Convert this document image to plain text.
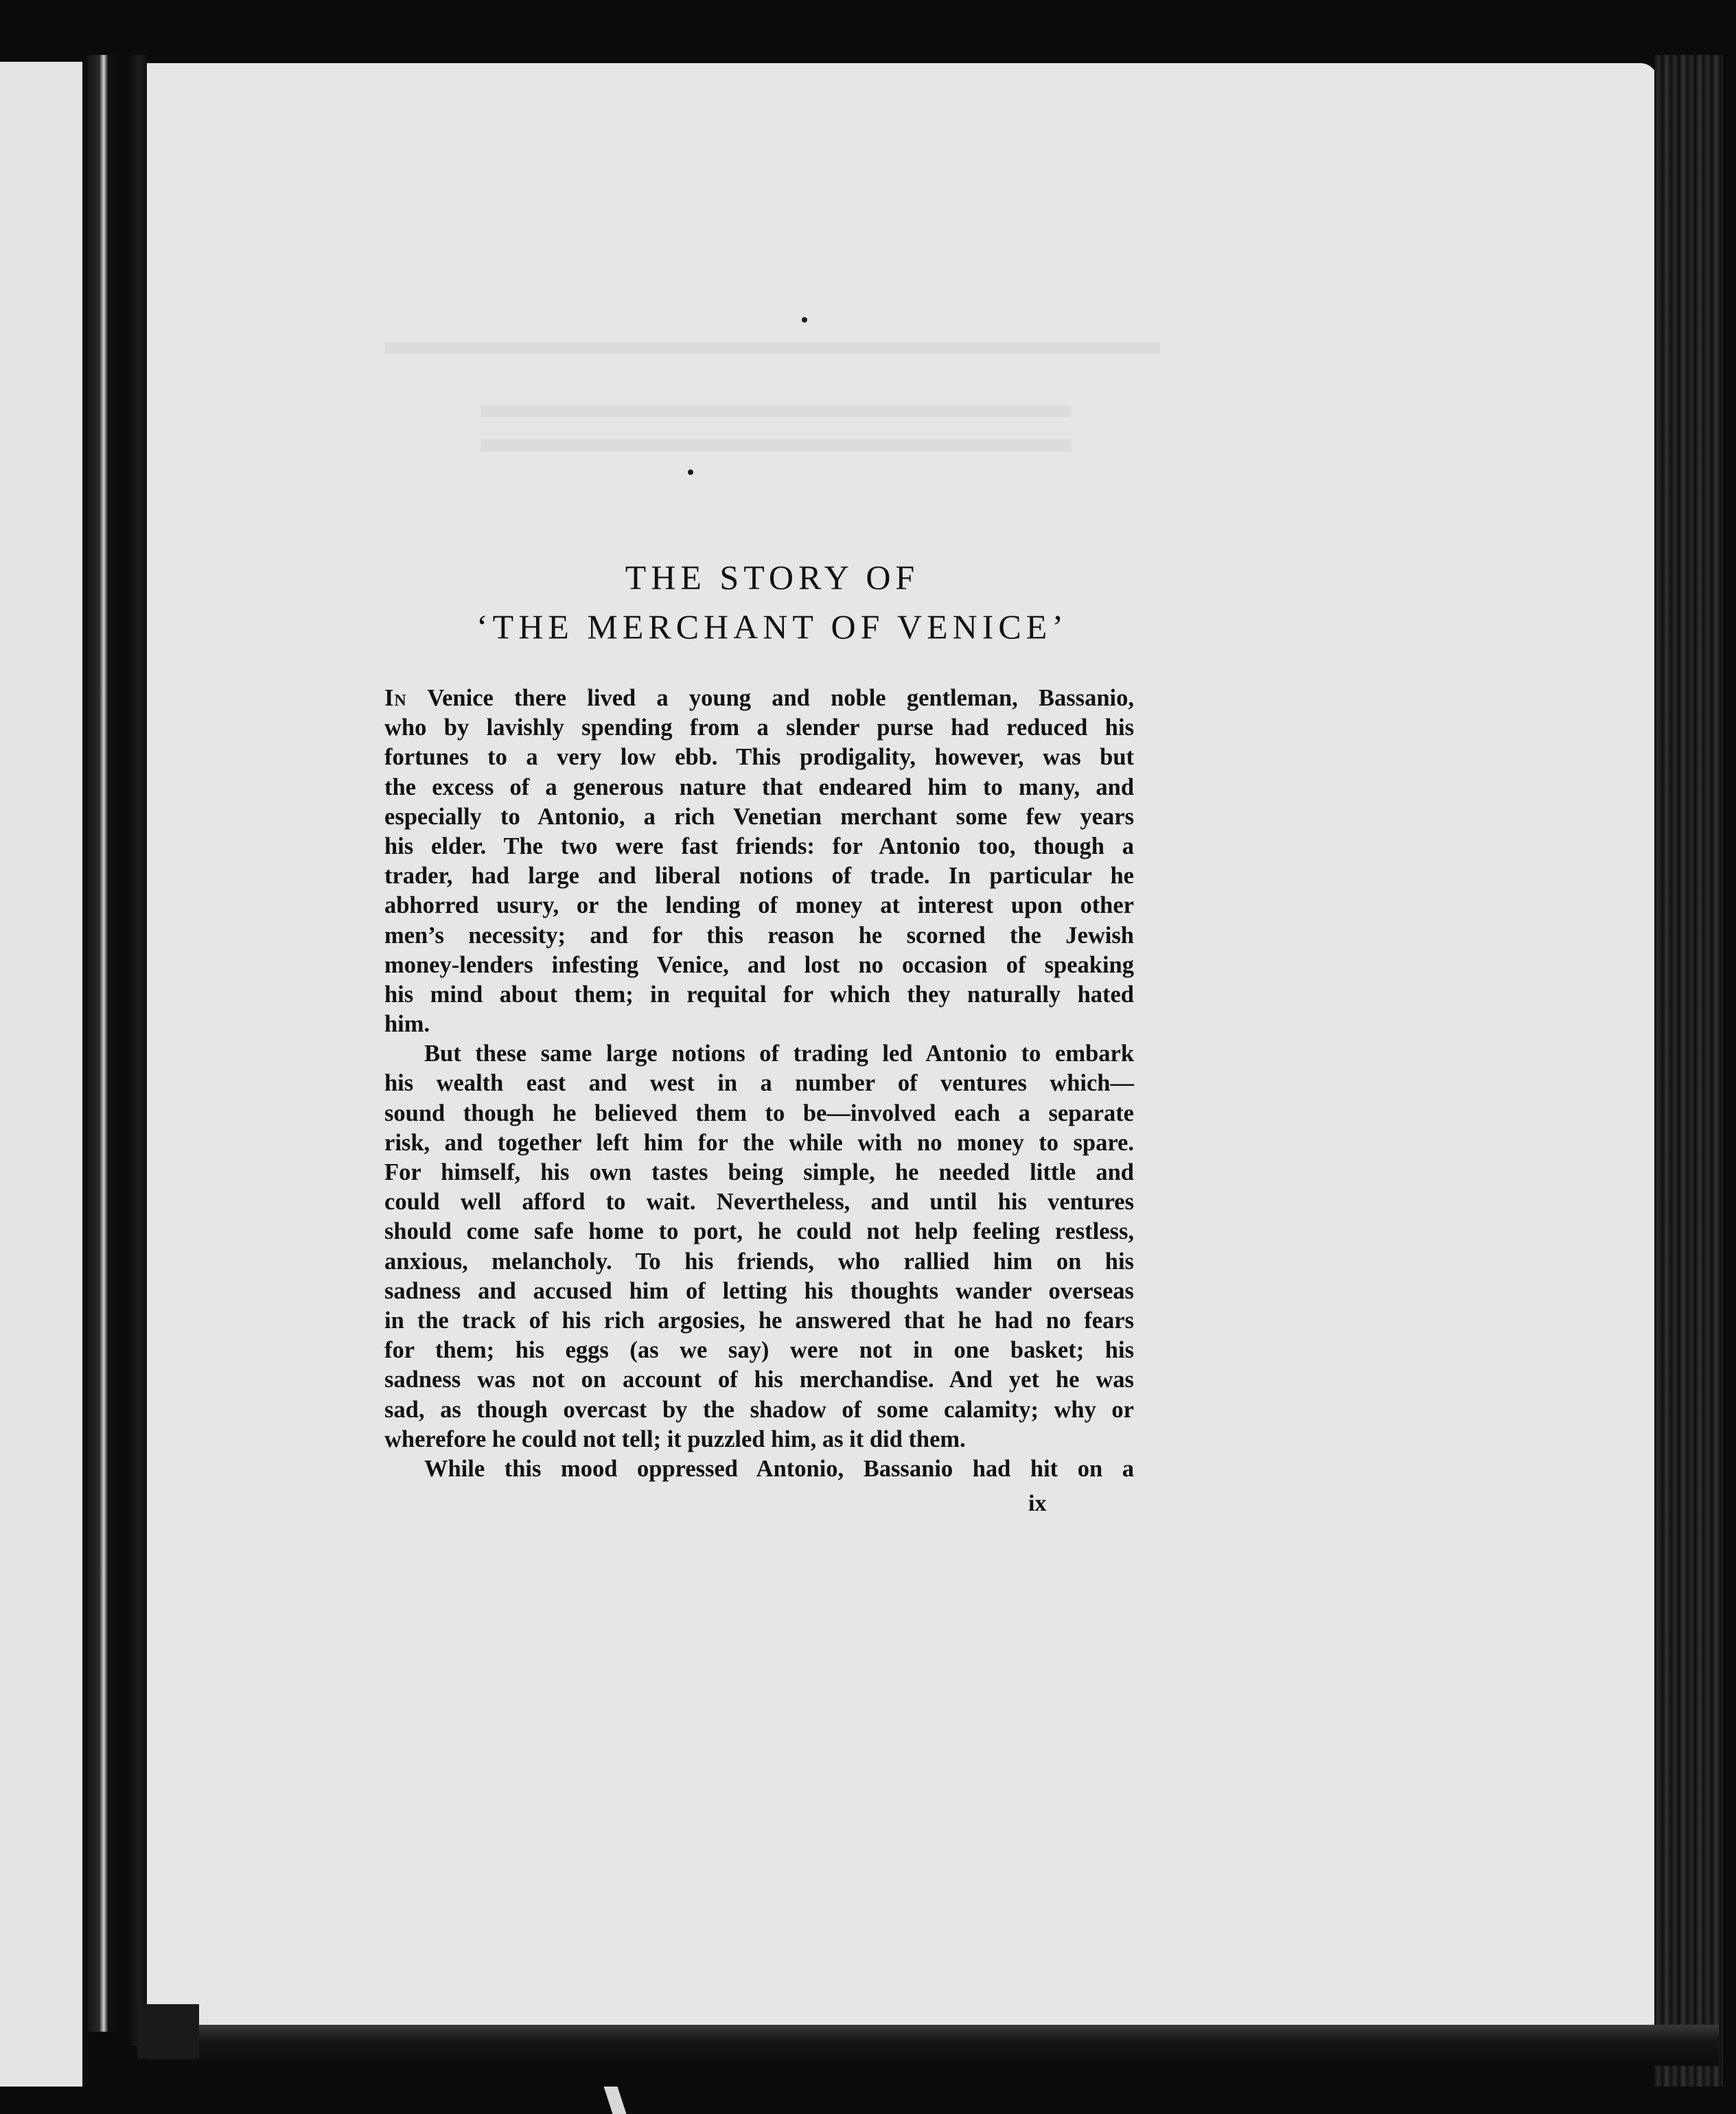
THE STORY OF
‘THE MERCHANT OF VENICE’
In Venice there lived a young and noble gentleman, Bassanio,
who by lavishly spending from a slender purse had reduced his
fortunes to a very low ebb. This prodigality, however, was but
the excess of a generous nature that endeared him to many, and
especially to Antonio, a rich Venetian merchant some few years
his elder. The two were fast friends: for Antonio too, though a
trader, had large and liberal notions of trade. In particular he
abhorred usury, or the lending of money at interest upon other
men’s necessity; and for this reason he scorned the Jewish
money-lenders infesting Venice, and lost no occasion of speaking
his mind about them; in requital for which they naturally hated
him.
But these same large notions of trading led Antonio to embark
his wealth east and west in a number of ventures which—
sound though he believed them to be—involved each a separate
risk, and together left him for the while with no money to spare.
For himself, his own tastes being simple, he needed little and
could well afford to wait. Nevertheless, and until his ventures
should come safe home to port, he could not help feeling restless,
anxious, melancholy. To his friends, who rallied him on his
sadness and accused him of letting his thoughts wander overseas
in the track of his rich argosies, he answered that he had no fears
for them; his eggs (as we say) were not in one basket; his
sadness was not on account of his merchandise. And yet he was
sad, as though overcast by the shadow of some calamity; why or
wherefore he could not tell; it puzzled him, as it did them.
While this mood oppressed Antonio, Bassanio had hit on a
ix
